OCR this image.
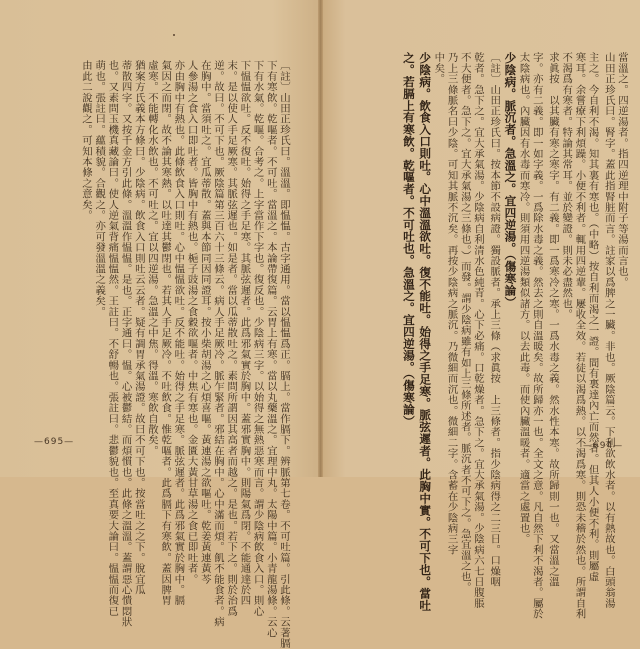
〔註〕山田正珍氏曰。溫溫。即愠愠。古字通用。當以愠愠爲正。膈上。當作膈下。辨脈第七卷。不可吐篇。引此條。云著膈
下有寒飲。乾嘔者。不可吐。當溫之。本論帶復篇。云胃上有寒。當以丸藥溫之。宜理中丸。太陽中篇。小青龍湯條。云心
下有水氣。乾嘔。合考之。上字當作下字也。復反也。少陰病三字。以始得之無熱惡寒而言。謂少陰病飲食入口。則心
下愠愠欲吐。反不復吐。始得之手足寒。其脈弦遲者。此爲邪氣實於胸中。蓋邪實胸中。則陽氣爲閉。不能通達於四
末。是以使人手足厥寒。其脈弦遲也。如是者。當以瓜蒂散吐之。素問所謂因其高者而越之。是也。若下之。則於治爲
逆。故曰。不可下也。厥陰篇第三百六十三條云。病人手足厥冷。脈乍緊者。邪結在胸中。心中滿而煩。飢不能食者。病
在胸中。當須吐之。宜瓜蒂散。蓋與本節同因同證耳。按小柴胡湯之心煩喜嘔。黃連湯之欲嘔吐。乾姜黃連黃芩
人參湯之食入口即吐者。皆胸中有熱也。梔子豉湯之食穀欲嘔者。中焦有寒也。金匱大黃甘草湯之食已即吐者。
亦由胸中有熱也。此條飲食入口則吐。心中愠愠欲吐。反不能吐。始得之手足寒。脈弦遲者。此爲邪氣實於胸中。膈
氣因之而閉。故不論其寒熱。以吐達其鬱閉也。若其人手足厥冷。不吐飲食。惟乾嘔者。此爲膈下有寒飲。蓋因脾胃
虛寒。不能轉化水飲也。不可吐之。宜以四逆湯。急溫之中焦。得溫。寒飲自散矣。
猶案方氏義本方條曰。少陰病。飲食入口則吐云云者。疑有調胃承氣湯證。故曰不可下也。按當吐之之下。脫宜瓜
蒂散四字。又按千金方引此條。溫溫作愠愠。是也。正字通曰。愠。心被鬱結。而煩慣也。此條之溫溫。蓋謂惡心憒悶狀
也。又素問玉機真藏論曰。使人逆氣背痛愠愠然。王註曰。不舒暢也。張註曰。悲鬱貌也。至真要大論曰。愠愠而復已
萌也。張註曰。蘊積貌。合觀之。亦可發溫溫之義矣。
由此二說觀之。可知本條之意矣。
—695—
當溫之。四逆湯者。指四逆理中附子等湯而言也。
山田正珍氏曰。腎字。蓋此指腎脏而言。註家以爲脾之一臟。非也。厥陰篇云。下利欲飲水者。以有熱故也。白頭翁湯
主之。今自利不渴。知其裏有寒也。（中略）按自利而渴之一證。間有裏達內亡而然者。但其人小便不利。則屬虛
寒耳。余嘗療下利煩躁。小便不利者。輒用四逆輩。屢收全效。若徒以渴爲熱。以不渴爲寒。則恐未稽於然也。所謂自利
不渴爲有寒者。特論其常耳。並於變證。則未必盡然也。
求眞按　以其臟有寒之寒字。有二義。即一爲寒冷之寒。一爲水毒之義。然水性本寒。故所歸則一也。又當溫之溫
字。亦有二義。即一如字義。一爲除水毒之義。然去之則自溫暖矣。故所歸亦一也。全文之意。凡自然下利不渴者。屬於
太陰病也。內臟因有水毒而寒冷。則須用四逆湯類似諸方。以去此毒。而使內臟溫暖者。適當之處置也。
少陰病。脈沉者。急溫之。宜四逆湯。（傷寒論）
〔註〕山田正珍氏曰。按本節不設病證。獨設脈者。承上三條（求眞按　上三條者。指少陰病得之二三日。口燥咽
乾者。急下之。宜大承氣湯。少陰病自利清水色純青。心下必痛。口乾燥者。急下之。宜大承氣湯。少陰病六七日腹脹
不大便者。急下之。宜大承氣湯之三條也。）而發。謂少陰病雖有如上三條所述者。脈沉者不可下之。急宜溫之也。
乃上三條脈名曰少陰。可知其脈不沉矣。再按少陰病之脈沉。乃微細而沉也。微細二字。含蓄在少陰病三字
中矣。
少陰病。飲食入口則吐。心中溫溫欲吐。復不能吐。始得之手足寒。脈弦遲者。此胸中實。不可下也。當吐
之。若膈上有寒飲。乾嘔者。不可吐也。急溫之。宜四逆湯。（傷寒論）
—694—
